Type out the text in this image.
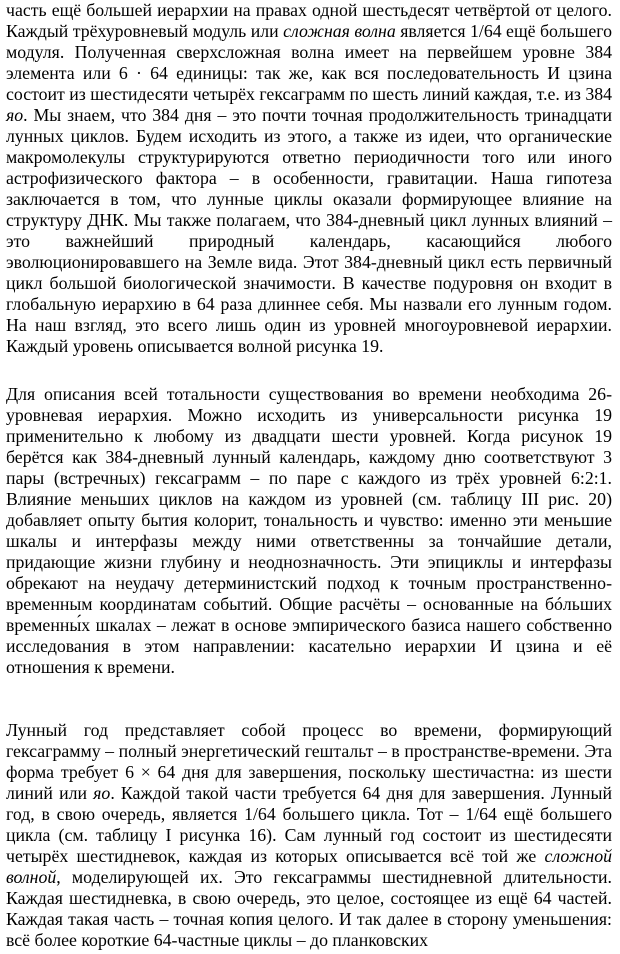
часть ещё большей иерархии на правах одной шестьдесят четвёртой от целого. Каждый трёхуровневый модуль или сложная волна является 1/64 ещё большего модуля. Полученная сверхсложная волна имеет на первейшем уровне 384 элемента или 6 · 64 единицы: так же, как вся последовательность И цзина состоит из шестидесяти четырёх гексаграмм по шесть линий каждая, т.е. из 384 яо. Мы знаем, что 384 дня – это почти точная продолжительность тринадцати лунных циклов. Будем исходить из этого, а также из идеи, что органические макромолекулы структурируются ответно периодичности того или иного астрофизического фактора – в особенности, гравитации. Наша гипотеза заключается в том, что лунные циклы оказали формирующее влияние на структуру ДНК. Мы также полагаем, что 384-дневный цикл лунных влияний – это важнейший природный календарь, касающийся любого эволюционировавшего на Земле вида. Этот 384-дневный цикл есть первичный цикл большой биологической значимости. В качестве подуровня он входит в глобальную иерархию в 64 раза длиннее себя. Мы назвали его лунным годом. На наш взгляд, это всего лишь один из уровней многоуровневой иерархии. Каждый уровень описывается волной рисунка 19.

Для описания всей тотальности существования во времени необходима 26-уровневая иерархия. Можно исходить из универсальности рисунка 19 применительно к любому из двадцати шести уровней. Когда рисунок 19 берётся как 384-дневный лунный календарь, каждому дню соответствуют 3 пары (встречных) гексаграмм – по паре с каждого из трёх уровней 6:2:1. Влияние меньших циклов на каждом из уровней (см. таблицу III рис. 20) добавляет опыту бытия колорит, тональность и чувство: именно эти меньшие шкалы и интерфазы между ними ответственны за тончайшие детали, придающие жизни глубину и неоднозначность. Эти эпициклы и интерфазы обрекают на неудачу детерминистский подход к точным пространственно-временным координатам событий. Общие расчёты – основанные на бóльших временны́х шкалах – лежат в основе эмпирического базиса нашего собственно исследования в этом направлении: касательно иерархии И цзина и её отношения к времени.

Лунный год представляет собой процесс во времени, формирующий гексаграмму – полный энергетический гештальт – в пространстве-времени. Эта форма требует 6 × 64 дня для завершения, поскольку шестичастна: из шести линий или яо. Каждой такой части требуется 64 дня для завершения. Лунный год, в свою очередь, является 1/64 большего цикла. Тот – 1/64 ещё большего цикла (см. таблицу I рисунка 16). Сам лунный год состоит из шестидесяти четырёх шестидневок, каждая из которых описывается всё той же сложной волной, моделирующей их. Это гексаграммы шестидневной длительности. Каждая шестидневка, в свою очередь, это целое, состоящее из ещё 64 частей. Каждая такая часть – точная копия целого. И так далее в сторону уменьшения: всё более короткие 64-частные циклы – до планковских
